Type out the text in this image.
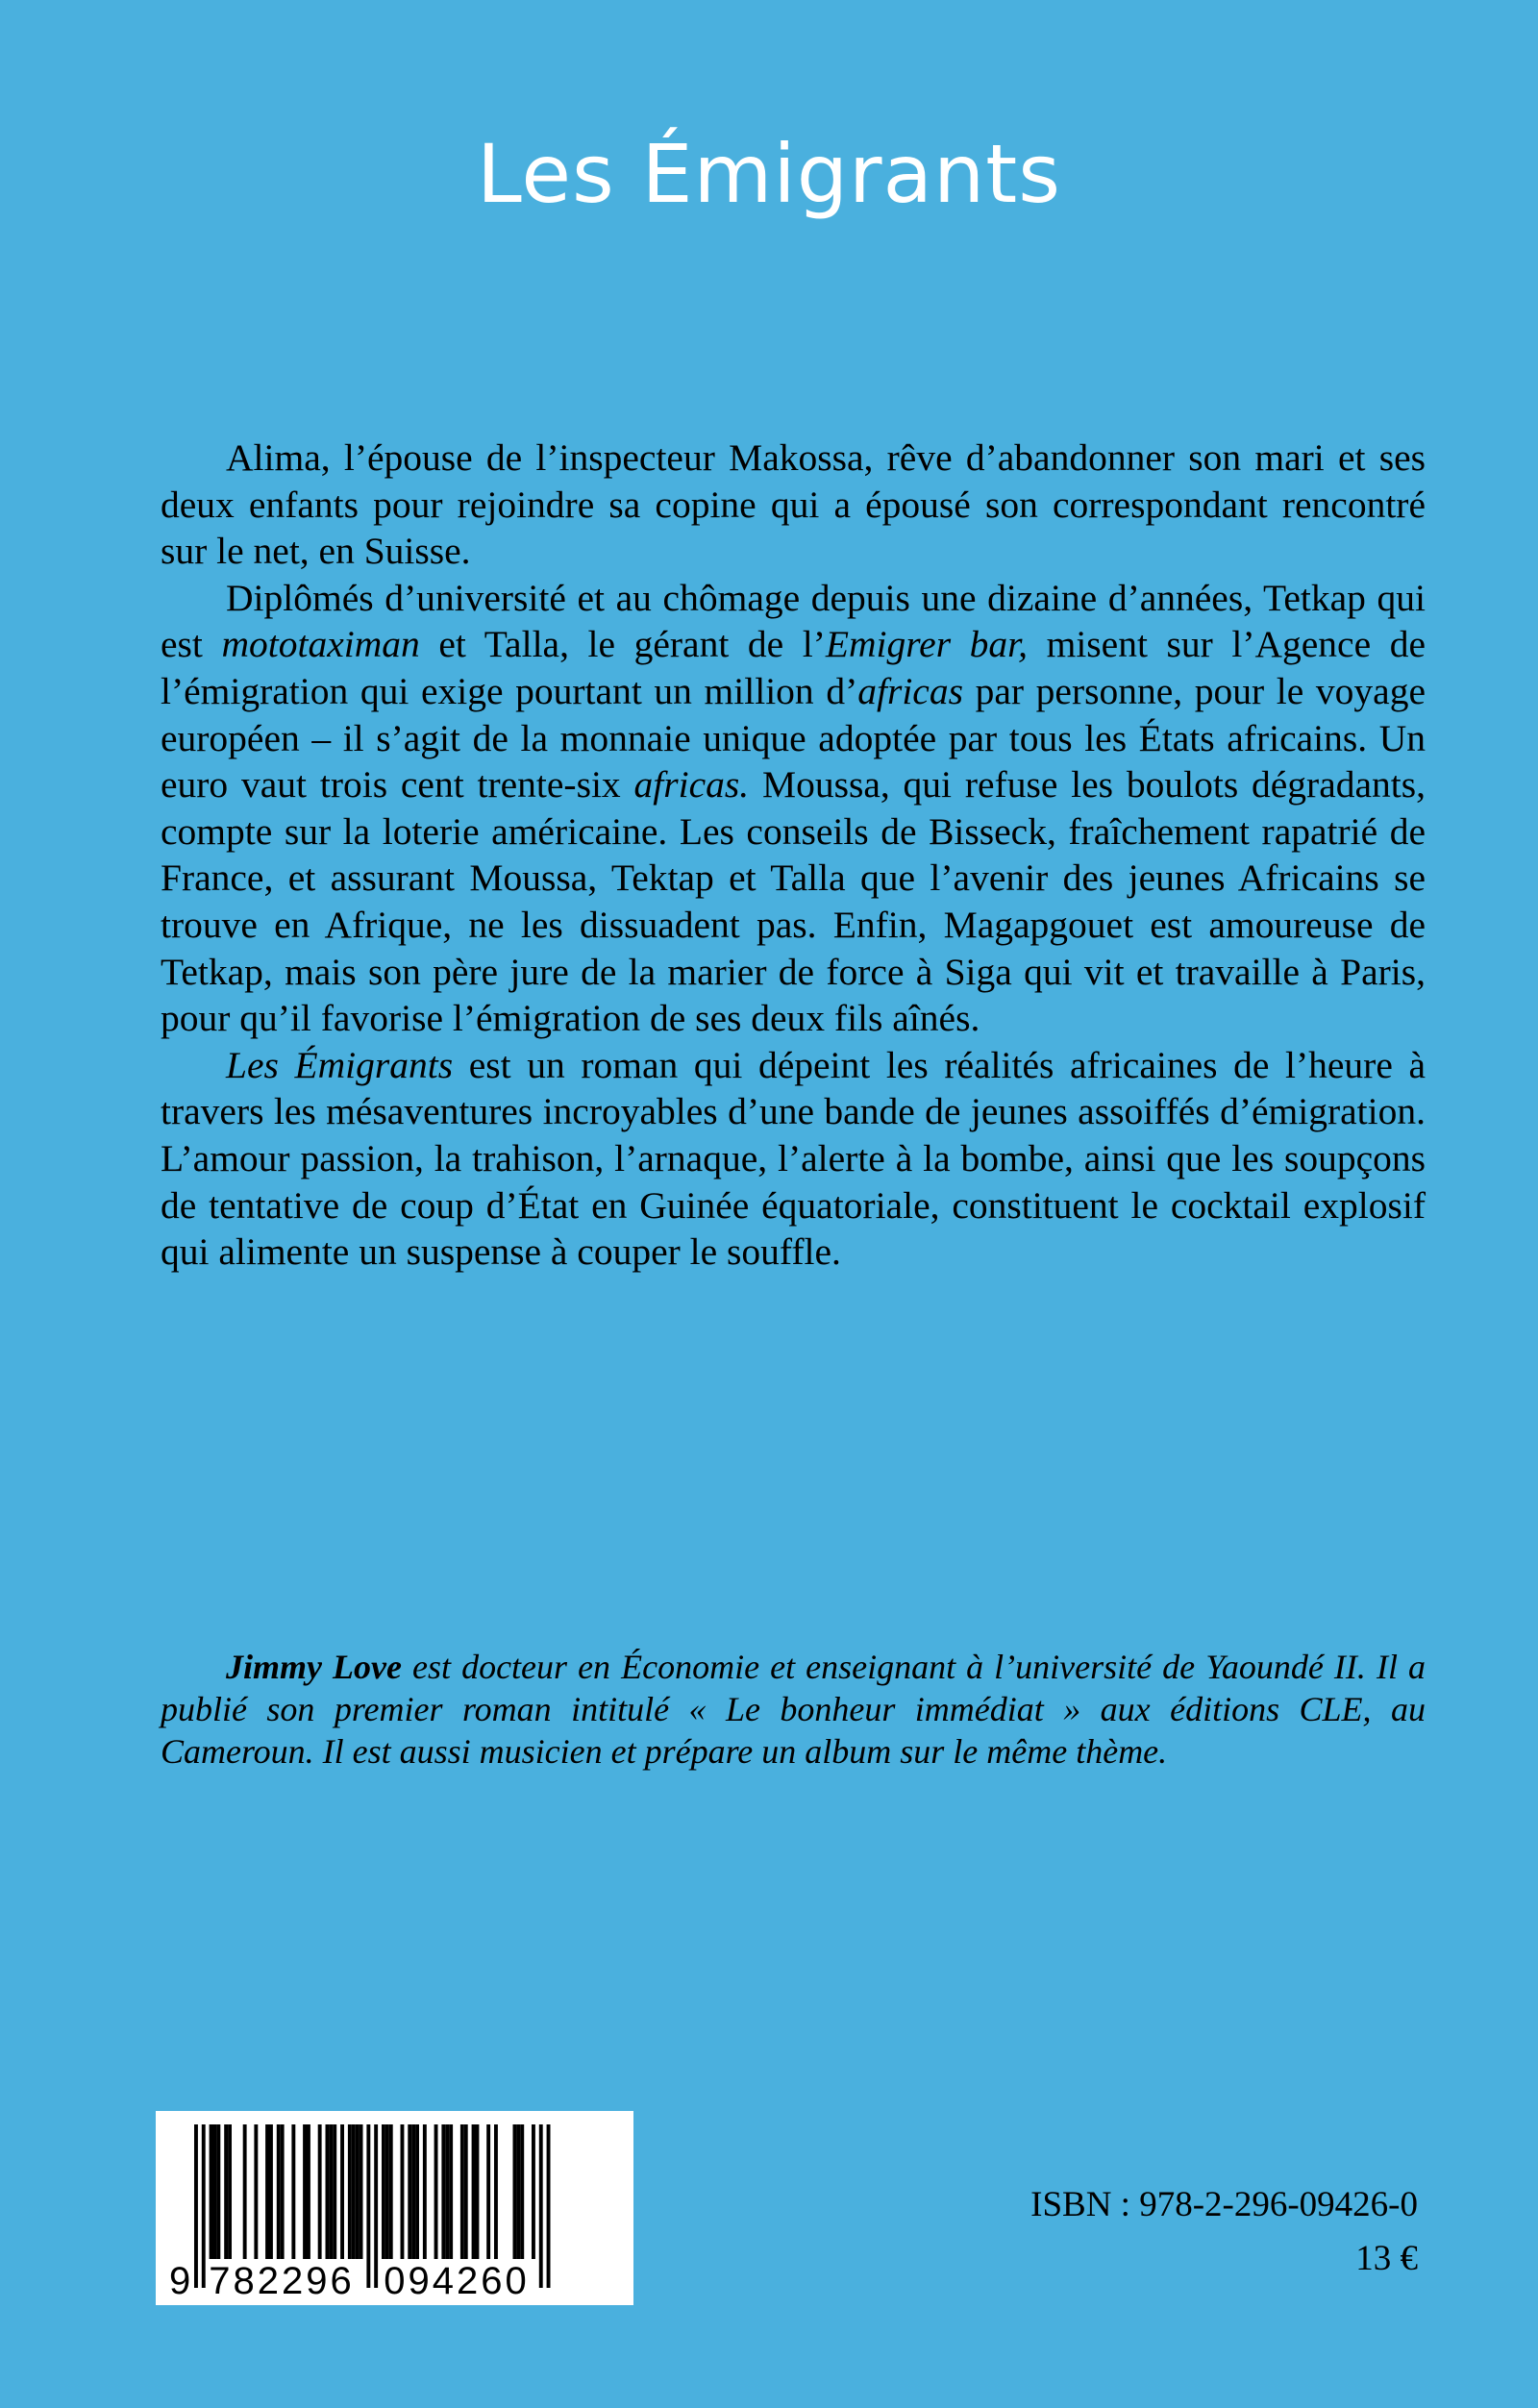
Les Émigrants

Alima, l’épouse de l’inspecteur Makossa, rêve d’abandonner son mari et ses deux enfants pour rejoindre sa copine qui a épousé son correspondant rencontré sur le net, en Suisse.

Diplômés d’université et au chômage depuis une dizaine d’années, Tetkap qui est mototaximan et Talla, le gérant de l’Emigrer bar, misent sur l’Agence de l’émigration qui exige pourtant un million d’africas par personne, pour le voyage européen – il s’agit de la monnaie unique adoptée par tous les États africains. Un euro vaut trois cent trente-six africas. Moussa, qui refuse les boulots dégradants, compte sur la loterie américaine. Les conseils de Bisseck, fraîchement rapatrié de France, et assurant Moussa, Tektap et Talla que l’avenir des jeunes Africains se trouve en Afrique, ne les dissuadent pas. Enfin, Magapgouet est amoureuse de Tetkap, mais son père jure de la marier de force à Siga qui vit et travaille à Paris, pour qu’il favorise l’émigration de ses deux fils aînés.

Les Émigrants est un roman qui dépeint les réalités africaines de l’heure à travers les mésaventures incroyables d’une bande de jeunes assoiffés d’émigration. L’amour passion, la trahison, l’arnaque, l’alerte à la bombe, ainsi que les soupçons de tentative de coup d’État en Guinée équatoriale, constituent le cocktail explosif qui alimente un suspense à couper le souffle.

Jimmy Love est docteur en Économie et enseignant à l’université de Yaoundé II. Il a publié son premier roman intitulé « Le bonheur immédiat » aux éditions CLE, au Cameroun. Il est aussi musicien et prépare un album sur le même thème.

9 782296 094260
ISBN : 978-2-296-09426-0
13 €
